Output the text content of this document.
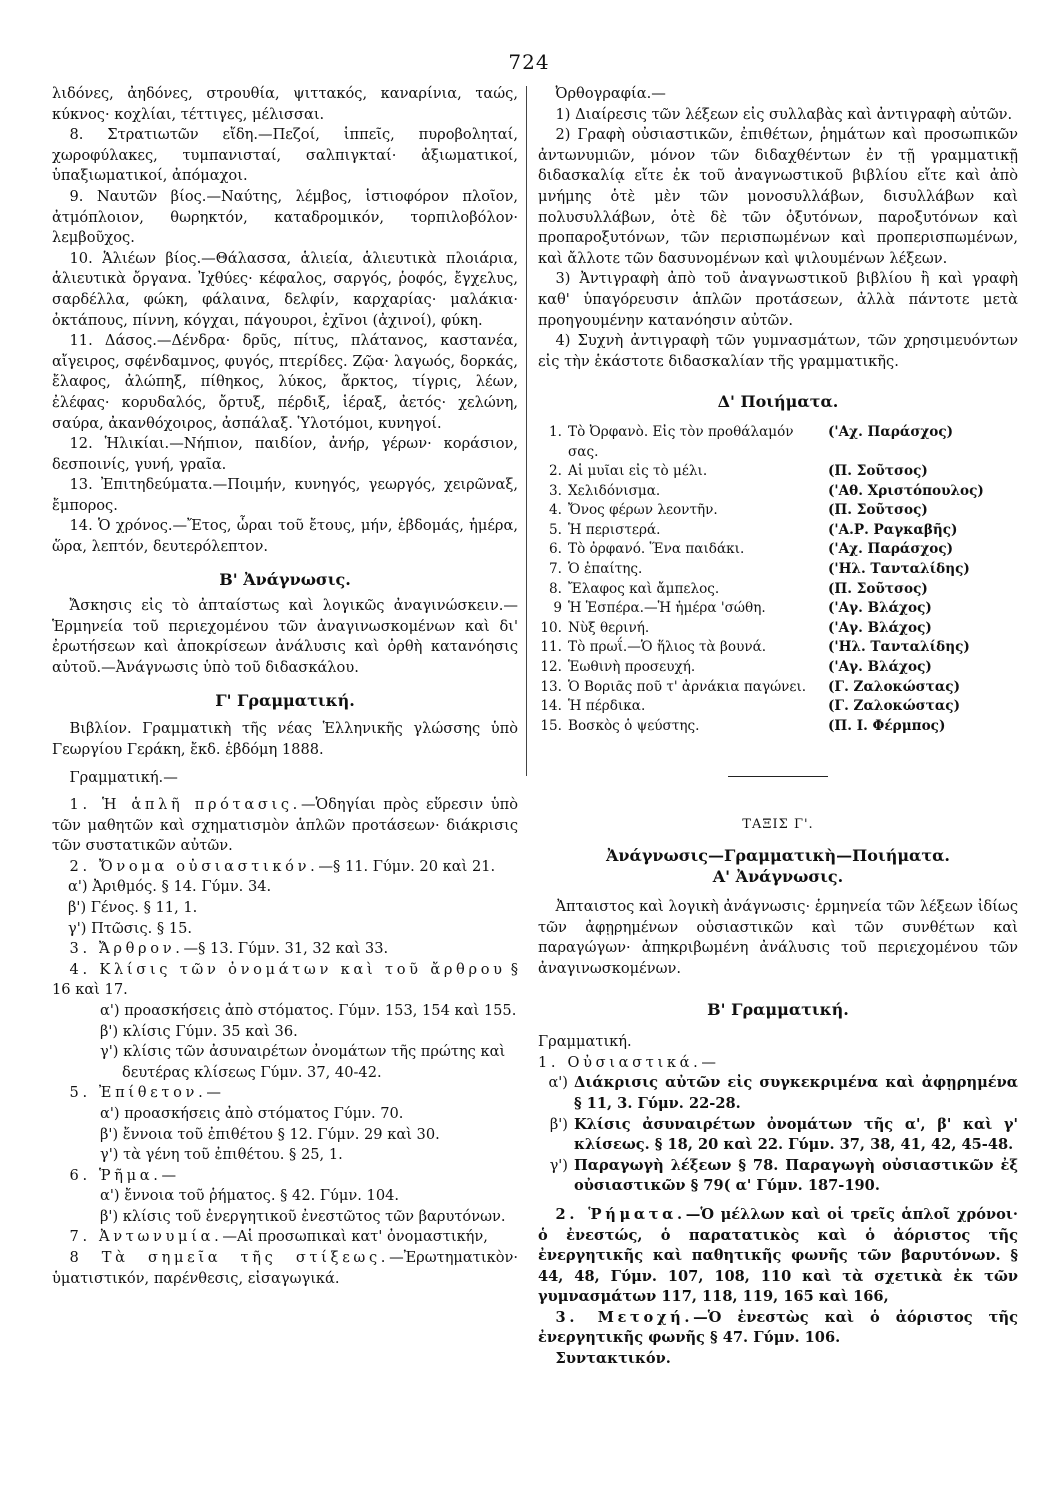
724

λιδόνες, ἀηδόνες, στρουθία, ψιττακός, καναρίνια, ταώς, κύκνος· κοχλίαι, τέττιγες, μέλισσαι.

8. Στρατιωτῶν εἴδη.—Πεζοί, ἱππεῖς, πυροβοληταί, χωροφύλακες, τυμπανισταί, σαλπιγκταί· ἀξιωματικοί, ὑπαξιωματικοί, ἀπόμαχοι.

9. Ναυτῶν βίος.—Ναύτης, λέμβος, ἱστιοφόρον πλοῖον, ἀτμόπλοιον, θωρηκτόν, καταδρομικόν, τορπιλοβόλον· λεμβοῦχος.

10. Ἁλιέων βίος.—Θάλασσα, ἁλιεία, ἁλιευτικὰ πλοιάρια, ἁλιευτικὰ ὄργανα. Ἰχθύες· κέφαλος, σαργός, ῥοφός, ἔγχελυς, σαρδέλλα, φώκη, φάλαινα, δελφίν, καρχαρίας· μαλάκια· ὀκτάπους, πίννη, κόγχαι, πάγουροι, ἐχῖνοι (ἀχινοί), φύκη.

11. Δάσος.—Δένδρα· δρῦς, πίτυς, πλάτανος, καστανέα, αἴγειρος, σφένδαμνος, φυγός, πτερίδες. Ζῷα· λαγωός, δορκάς, ἔλαφος, ἀλώπηξ, πίθηκος, λύκος, ἄρκτος, τίγρις, λέων, ἐλέφας· κορυδαλός, ὄρτυξ, πέρδιξ, ἱέραξ, ἀετός· χελώνη, σαύρα, ἀκανθόχοιρος, ἀσπάλαξ. Ὑλοτόμοι, κυνηγοί.

12. Ἡλικίαι.—Νήπιον, παιδίον, ἀνήρ, γέρων· κοράσιον, δεσποινίς, γυνή, γραῖα.

13. Ἐπιτηδεύματα.—Ποιμήν, κυνηγός, γεωργός, χειρῶναξ, ἔμπορος.

14. Ὁ χρόνος.—Ἔτος, ὧραι τοῦ ἔτους, μήν, ἑβδομάς, ἡμέρα, ὥρα, λεπτόν, δευτερόλεπτον.

Β' Ἀνάγνωσις.

Ἄσκησις εἰς τὸ ἀπταίστως καὶ λογικῶς ἀναγινώσκειν.— Ἑρμηνεία τοῦ περιεχομένου τῶν ἀναγινωσκομένων καὶ δι' ἐρωτήσεων καὶ ἀποκρίσεων ἀνάλυσις καὶ ὀρθὴ κατανόησις αὐτοῦ.—Ἀνάγνωσις ὑπὸ τοῦ διδασκάλου.

Γ' Γραμματική.

Βιβλίον. Γραμματικὴ τῆς νέας Ἑλληνικῆς γλώσσης ὑπὸ Γεωργίου Γεράκη, ἔκδ. ἑβδόμη 1888.

Γραμματική.—

1. Ἡ ἁπλῆ πρότασις.—Ὁδηγίαι πρὸς εὕρεσιν ὑπὸ τῶν μαθητῶν καὶ σχηματισμὸν ἁπλῶν προτάσεων· διάκρισις τῶν συστατικῶν αὐτῶν.

2. Ὄνομα οὐσιαστικόν.—§ 11. Γύμν. 20 καὶ 21.

α') Ἀριθμός. § 14. Γύμν. 34.

β') Γένος. § 11, 1.

γ') Πτῶσις. § 15.

3. Ἄρθρον.—§ 13. Γύμν. 31, 32 καὶ 33.

4. Κλίσις τῶν ὀνομάτων καὶ τοῦ ἄρθρου § 16 καὶ 17.

α') προασκήσεις ἀπὸ στόματος. Γύμν. 153, 154 καὶ 155.

β') κλίσις Γύμν. 35 καὶ 36.

γ') κλίσις τῶν ἀσυναιρέτων ὀνομάτων τῆς πρώτης καὶ δευτέρας κλίσεως Γύμν. 37, 40-42.

5. Ἐπίθετον.—

α') προασκήσεις ἀπὸ στόματος Γύμν. 70.

β') ἔννοια τοῦ ἐπιθέτου § 12. Γύμν. 29 καὶ 30.

γ') τὰ γένη τοῦ ἐπιθέτου. § 25, 1.

6. Ῥῆμα.—

α') ἔννοια τοῦ ῥήματος. § 42. Γύμν. 104.

β') κλίσις τοῦ ἐνεργητικοῦ ἐνεστῶτος τῶν βαρυτόνων.

7. Ἀντωνυμία.—Αἱ προσωπικαὶ κατ' ὀνομαστικήν,

8 Τὰ σημεῖα τῆς στίξεως.—Ἐρωτηματικὸν· ὑματιστικόν, παρένθεσις, εἰσαγωγικά.

Ὀρθογραφία.—

1) Διαίρεσις τῶν λέξεων εἰς συλλαβὰς καὶ ἀντιγραφὴ αὐτῶν.

2) Γραφὴ οὐσιαστικῶν, ἐπιθέτων, ῥημάτων καὶ προσωπικῶν ἀντωνυμιῶν, μόνον τῶν διδαχθέντων ἐν τῇ γραμματικῇ διδασκαλίᾳ εἴτε ἐκ τοῦ ἀναγνωστικοῦ βιβλίου εἴτε καὶ ἀπὸ μνήμης ὁτὲ μὲν τῶν μονοσυλλάβων, δισυλλάβων καὶ πολυσυλλάβων, ὁτὲ δὲ τῶν ὀξυτόνων, παροξυτόνων καὶ προπαροξυτόνων, τῶν περισπωμένων καὶ προπερισπωμένων, καὶ ἄλλοτε τῶν δασυνομένων καὶ ψιλουμένων λέξεων.

3) Ἀντιγραφὴ ἀπὸ τοῦ ἀναγνωστικοῦ βιβλίου ἢ καὶ γραφὴ καθ' ὑπαγόρευσιν ἁπλῶν προτάσεων, ἀλλὰ πάντοτε μετὰ προηγουμένην κατανόησιν αὐτῶν.

4) Συχνὴ ἀντιγραφὴ τῶν γυμνασμάτων, τῶν χρησιμευόντων εἰς τὴν ἑκάστοτε διδασκαλίαν τῆς γραμματικῆς.

Δ' Ποιήματα.

1. Τὸ Ὀρφανὸ. Εἰς τὸν προθάλαμόν σας.
('Αχ. Παράσχος)
2. Αἱ μυῖαι εἰς τὸ μέλι.	(Π. Σοῦτσος)
3. Χελιδόνισμα.	('Αθ. Χριστόπουλος)
4. Ὄνος φέρων λεοντῆν.	(Π. Σοῦτσος)
5. Ἡ περιστερά.	('Α.Ρ. Ραγκαβῆς)
6. Τὸ ὀρφανό. Ἕνα παιδάκι.	('Αχ. Παράσχος)
7. Ὁ ἐπαίτης.	('Ηλ. Τανταλίδης)
8. Ἔλαφος καὶ ἄμπελος.	(Π. Σοῦτσος)
9 Ἡ Ἑσπέρα.—Ἡ ἡμέρα 'σώθη.	('Αγ. Βλάχος)
10. Νὺξ θερινή.	('Αγ. Βλάχος)
11. Τὸ πρωΐ.—Ὁ ἥλιος τὰ βουνά.	('Ηλ. Τανταλίδης)
12. Ἑωθινὴ προσευχή.	('Αγ. Βλάχος)
13. Ὁ Βοριᾶς ποῦ τ' ἀρνάκια παγώνει.	(Γ. Ζαλοκώστας)
14. Ἡ πέρδικα.	(Γ. Ζαλοκώστας)
15. Βοσκὸς ὁ ψεύστης.	(Π. Ι. Φέρμπος)

ΤΑΞΙΣ Γ'.

Ἀνάγνωσις—Γραμματικὴ—Ποιήματα.

Α' Ἀνάγνωσις.

Ἀπταιστος καὶ λογικὴ ἀνάγνωσις· ἑρμηνεία τῶν λέξεων ἰδίως τῶν ἀφῃρημένων οὐσιαστικῶν καὶ τῶν συνθέτων καὶ παραγώγων· ἀπηκριβωμένη ἀνάλυσις τοῦ περιεχομένου τῶν ἀναγινωσκομένων.

Β' Γραμματική.

Γραμματική.

1. Οὐσιαστικά.—

α') Διάκρισις αὐτῶν εἰς συγκεκριμένα καὶ ἀφῃρημένα § 11, 3. Γύμν. 22-28.
β') Κλίσις ἀσυναιρέτων ὀνομάτων τῆς α', β' καὶ γ' κλίσεως. § 18, 20 καὶ 22. Γύμν. 37, 38, 41, 42, 45-48.
γ') Παραγωγὴ λέξεων § 78. Παραγωγὴ οὐσιαστικῶν ἐξ οὐσιαστικῶν § 79( α' Γύμν. 187-190.

2. Ῥήματα.—Ὁ μέλλων καὶ οἱ τρεῖς ἁπλοῖ χρόνοι· ὁ ἐνεστώς, ὁ παρατατικὸς καὶ ὁ ἀόριστος τῆς ἐνεργητικῆς καὶ παθητικῆς φωνῆς τῶν βαρυτόνων. § 44, 48, Γύμν. 107, 108, 110 καὶ τὰ σχετικὰ ἐκ τῶν γυμνασμάτων 117, 118, 119, 165 καὶ 166,

3. Μετοχή.—Ὁ ἐνεστὼς καὶ ὁ ἀόριστος τῆς ἐνεργητικῆς φωνῆς § 47. Γύμν. 106.

Συντακτικόν.
